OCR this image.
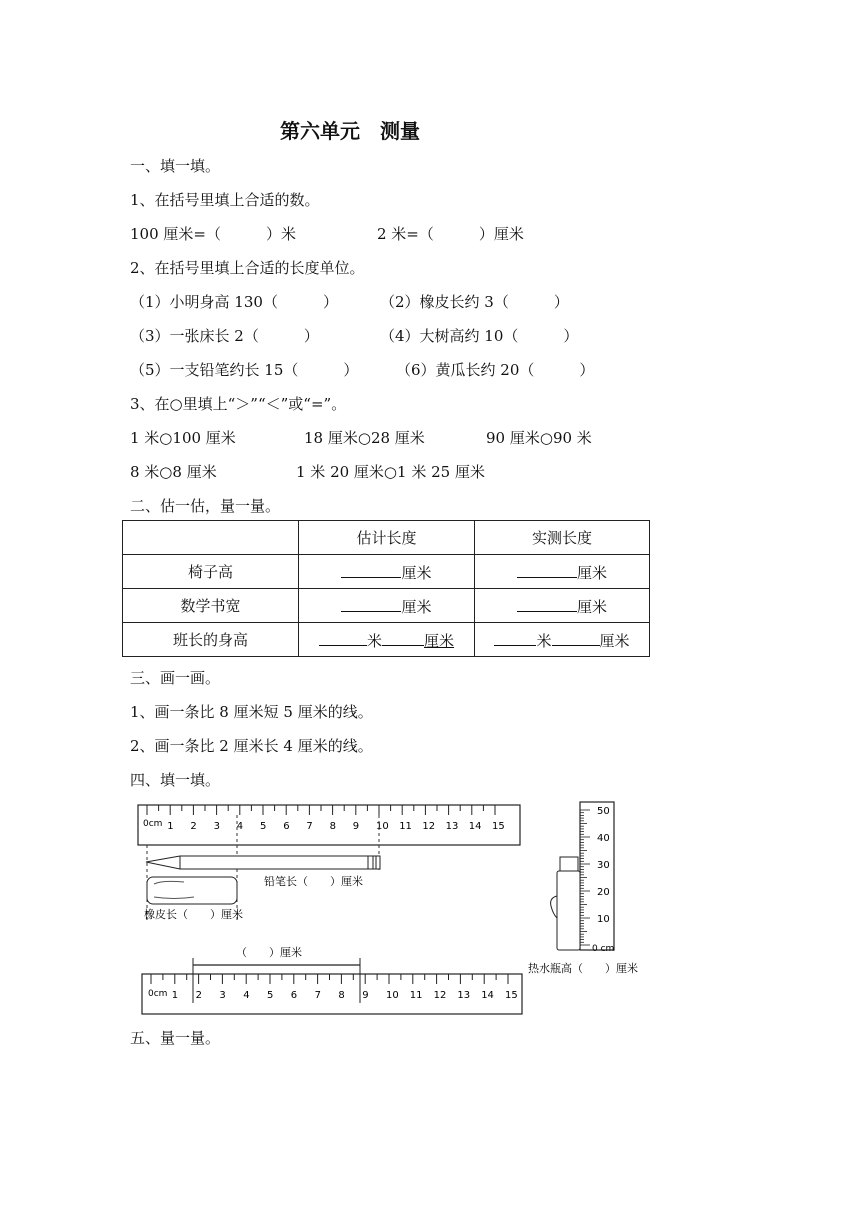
第六单元　测量
一、填一填。
1、在括号里填上合适的数。
100 厘米=（　　　）米	2 米=（　　　）厘米
2、在括号里填上合适的长度单位。
（1）小明身高 130（　　　）	（2）橡皮长约 3（　　　）
（3）一张床长 2（　　　）	（4）大树高约 10（　　　）
（5）一支铅笔约长 15（　　　）	（6）黄瓜长约 20（　　　）
3、在○里填上“＞”“＜”或“=”。
1 米○100 厘米	18 厘米○28 厘米	90 厘米○90 米
8 米○8 厘米	1 米 20 厘米○1 米 25 厘米
二、估一估，量一量。
	估计长度	实测长度
椅子高	厘米	厘米
数学书宽	厘米	厘米
班长的身高	米 厘米	米 厘米
三、画一画。
1、画一条比 8 厘米短 5 厘米的线。
2、画一条比 2 厘米长 4 厘米的线。
四、填一填。
0cm 1 2 3 4 5 6 7 8 9 10 11 12 13 14 15
铅笔长（　　）厘米
橡皮长（　　）厘米	10
20
30
40
50
0 cm
热水瓶高（　　）厘米
（　　）厘米
0cm 1 2 3 4 5 6 7 8 9 10 11 12 13 14 15
五、量一量。
